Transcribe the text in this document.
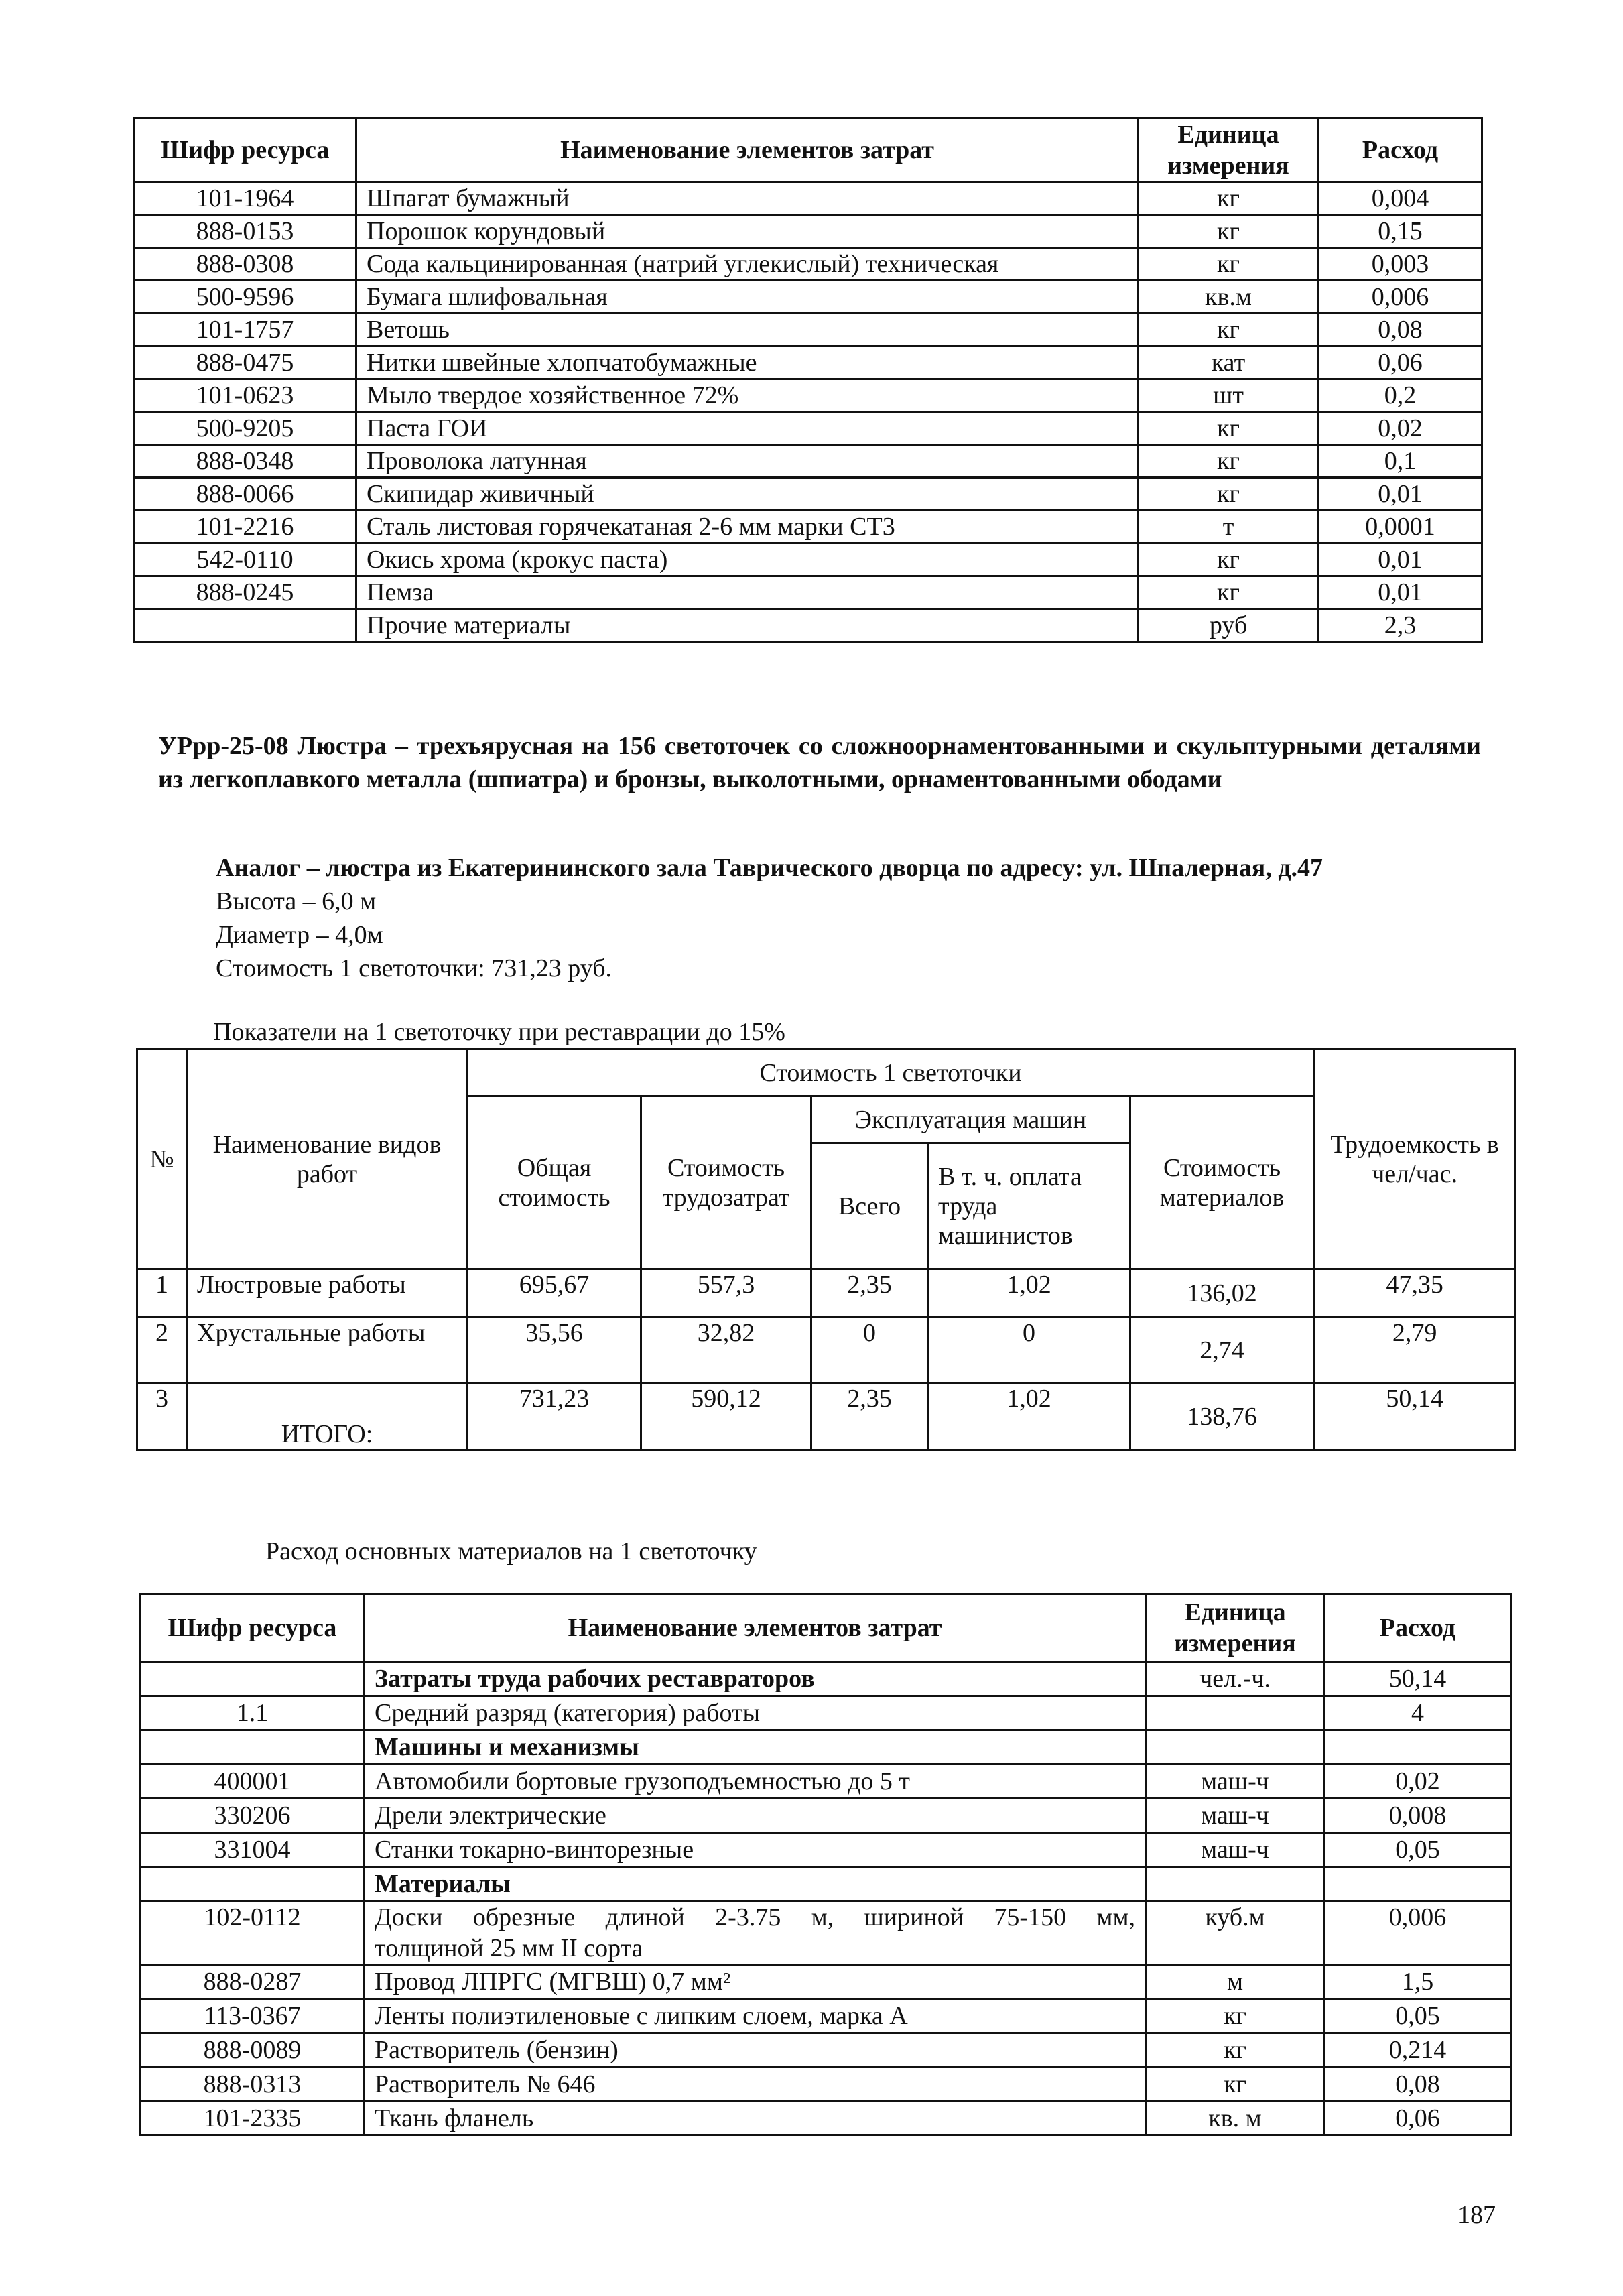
Шифр ресурса	Наименование элементов затрат	Единица измерения	Расход
101-1964	Шпагат бумажный	кг	0,004
888-0153	Порошок корундовый	кг	0,15
888-0308	Сода кальцинированная (натрий углекислый) техническая	кг	0,003
500-9596	Бумага шлифовальная	кв.м	0,006
101-1757	Ветошь	кг	0,08
888-0475	Нитки швейные хлопчатобумажные	кат	0,06
101-0623	Мыло твердое хозяйственное 72%	шт	0,2
500-9205	Паста ГОИ	кг	0,02
888-0348	Проволока латунная	кг	0,1
888-0066	Скипидар живичный	кг	0,01
101-2216	Сталь листовая горячекатаная 2-6 мм марки СТ3	т	0,0001
542-0110	Окись хрома (крокус паста)	кг	0,01
888-0245	Пемза	кг	0,01
	Прочие материалы	руб	2,3
УРрр-25-08 Люстра – трехъярусная на 156 светоточек со сложноорнаментованными и скульптурными деталями из легкоплавкого металла (шпиатра) и бронзы, выколотными, орнаментованными ободами
Аналог – люстра из Екатерининского зала Таврического дворца по адресу: ул. Шпалерная, д.47
Высота – 6,0 м
Диаметр – 4,0м
Стоимость 1 светоточки: 731,23 руб.
Показатели на 1 светоточку при реставрации до 15%
№	Наименование видов работ	Стоимость 1 светоточки					Трудоемкость в чел/час.
		Общая стоимость	Стоимость трудозатрат	Эксплуатация машин		Стоимость материалов	
				Всего	В т. ч. оплата труда машинистов		
1	Люстровые работы	695,67	557,3	2,35	1,02	136,02	47,35
2	Хрустальные работы	35,56	32,82	0	0	2,74	2,79
3	ИТОГО:	731,23	590,12	2,35	1,02	138,76	50,14
Расход основных материалов на 1 светоточку
Шифр ресурса	Наименование элементов затрат	Единица измерения	Расход
	Затраты труда рабочих реставраторов	чел.-ч.	50,14
1.1	Средний разряд (категория) работы		4
	Машины и механизмы		
400001	Автомобили бортовые грузоподъемностью до 5 т	маш-ч	0,02
330206	Дрели электрические	маш-ч	0,008
331004	Станки токарно-винторезные	маш-ч	0,05
	Материалы		
102-0112	Доски обрезные длиной 2-3.75 м, шириной 75-150 мм,
толщиной 25 мм II сорта	куб.м	0,006
888-0287	Провод ЛПРГС (МГВШ) 0,7 мм²	м	1,5
113-0367	Ленты полиэтиленовые с липким слоем, марка А	кг	0,05
888-0089	Растворитель (бензин)	кг	0,214
888-0313	Растворитель № 646	кг	0,08
101-2335	Ткань фланель	кв. м	0,06
187
